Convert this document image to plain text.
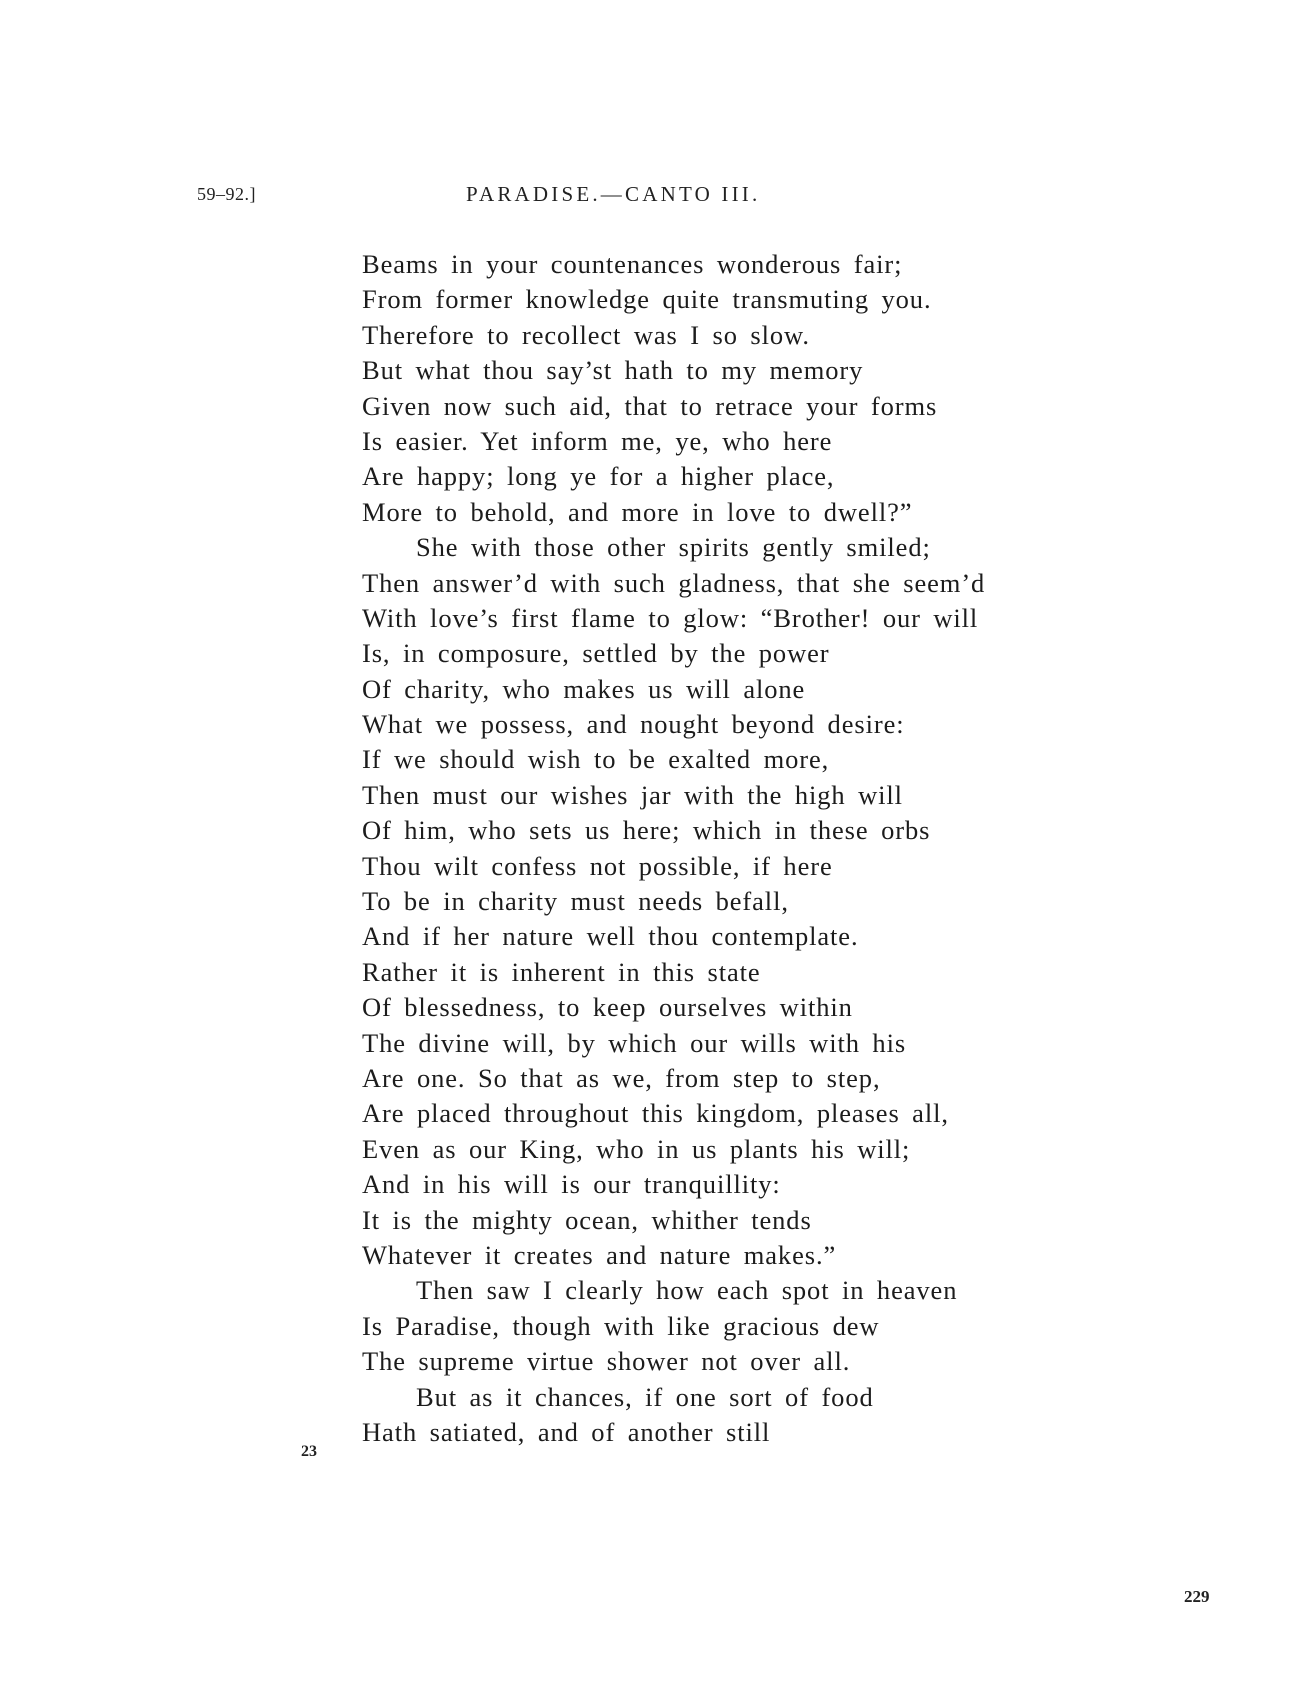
59–92.]	PARADISE.—CANTO III.
Beams in your countenances wonderous fair;
From former knowledge quite transmuting you.
Therefore to recollect was I so slow.
But what thou say’st hath to my memory
Given now such aid, that to retrace your forms
Is easier. Yet inform me, ye, who here
Are happy; long ye for a higher place,
More to behold, and more in love to dwell?”
She with those other spirits gently smiled;
Then answer’d with such gladness, that she seem’d
With love’s first flame to glow: “Brother! our will
Is, in composure, settled by the power
Of charity, who makes us will alone
What we possess, and nought beyond desire:
If we should wish to be exalted more,
Then must our wishes jar with the high will
Of him, who sets us here; which in these orbs
Thou wilt confess not possible, if here
To be in charity must needs befall,
And if her nature well thou contemplate.
Rather it is inherent in this state
Of blessedness, to keep ourselves within
The divine will, by which our wills with his
Are one. So that as we, from step to step,
Are placed throughout this kingdom, pleases all,
Even as our King, who in us plants his will;
And in his will is our tranquillity:
It is the mighty ocean, whither tends
Whatever it creates and nature makes.”
Then saw I clearly how each spot in heaven
Is Paradise, though with like gracious dew
The supreme virtue shower not over all.
But as it chances, if one sort of food
Hath satiated, and of another still
23
229
